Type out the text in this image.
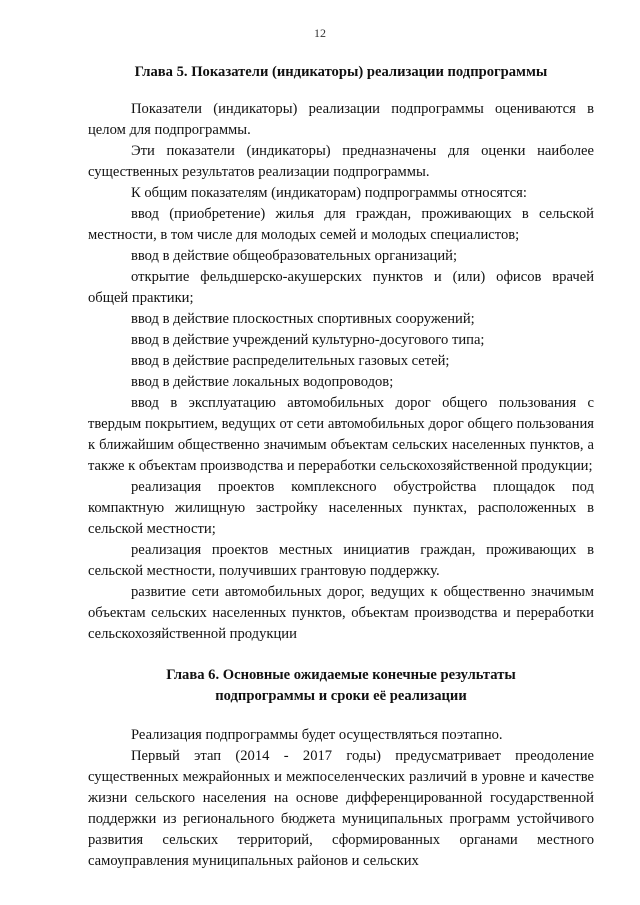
12
Глава 5. Показатели (индикаторы) реализации подпрограммы

Показатели (индикаторы) реализации подпрограммы оцениваются в целом для подпрограммы.

Эти показатели (индикаторы) предназначены для оценки наиболее существенных результатов реализации подпрограммы.

К общим показателям (индикаторам) подпрограммы относятся:

ввод (приобретение) жилья для граждан, проживающих в сельской местности, в том числе для молодых семей и молодых специалистов;

ввод в действие общеобразовательных организаций;

открытие фельдшерско-акушерских пунктов и (или) офисов врачей общей практики;

ввод в действие плоскостных спортивных сооружений;

ввод в действие учреждений культурно-досугового типа;

ввод в действие распределительных газовых сетей;

ввод в действие локальных водопроводов;

ввод в эксплуатацию автомобильных дорог общего пользования с твердым покрытием, ведущих от сети автомобильных дорог общего пользования к ближайшим общественно значимым объектам сельских населенных пунктов, а также к объектам производства и переработки сельскохозяйственной продукции;

реализация проектов комплексного обустройства площадок под компактную жилищную застройку населенных пунктах, расположенных в сельской местности;

реализация проектов местных инициатив граждан, проживающих в сельской местности, получивших грантовую поддержку.

развитие сети автомобильных дорог, ведущих к общественно значимым объектам сельских населенных пунктов, объектам производства и переработки сельскохозяйственной продукции

Глава 6. Основные ожидаемые конечные результаты
подпрограммы и сроки её реализации

Реализация подпрограммы будет осуществляться поэтапно.

Первый этап (2014 - 2017 годы) предусматривает преодоление существенных межрайонных и межпоселенческих различий в уровне и качестве жизни сельского населения на основе дифференцированной государственной поддержки из регионального бюджета муниципальных программ устойчивого развития сельских территорий, сформированных органами местного самоуправления муниципальных районов и сельских
